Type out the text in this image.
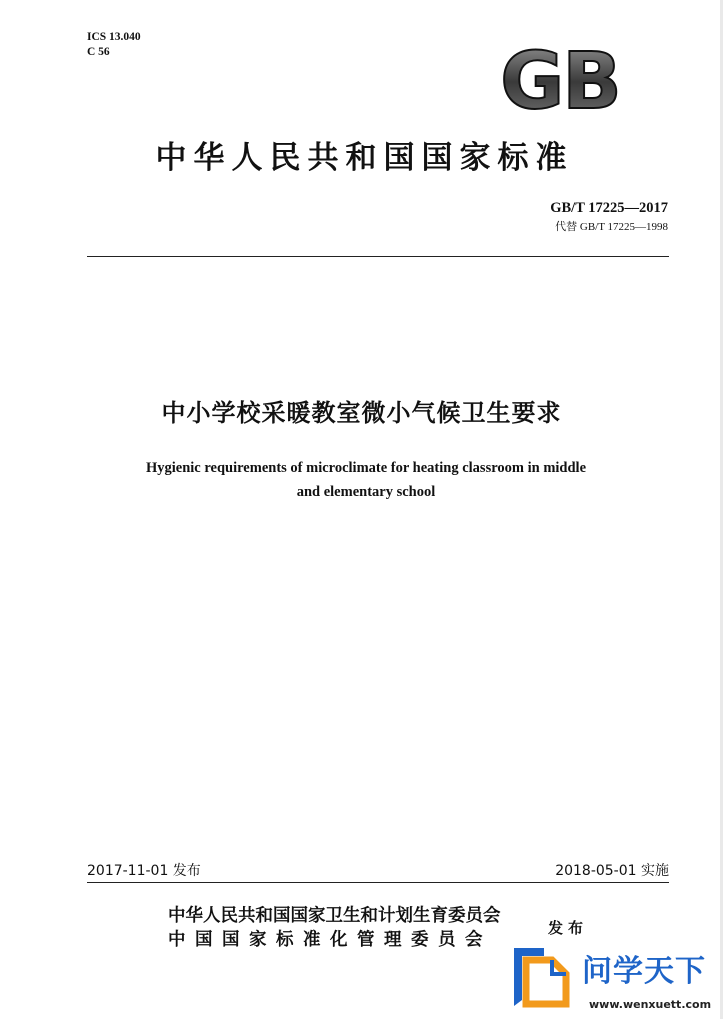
ICS 13.040
C 56	GB
中华人民共和国国家标准
GB/T 17225—2017
代替 GB/T 17225—1998
中小学校采暖教室微小气候卫生要求
Hygienic requirements of microclimate for heating classroom in middle
and elementary school
2017-11-01 发布	2018-05-01 实施
中华人民共和国国家卫生和计划生育委员会
中国国家标准化管理委员会
发布
问学天下
www.wenxuett.com
